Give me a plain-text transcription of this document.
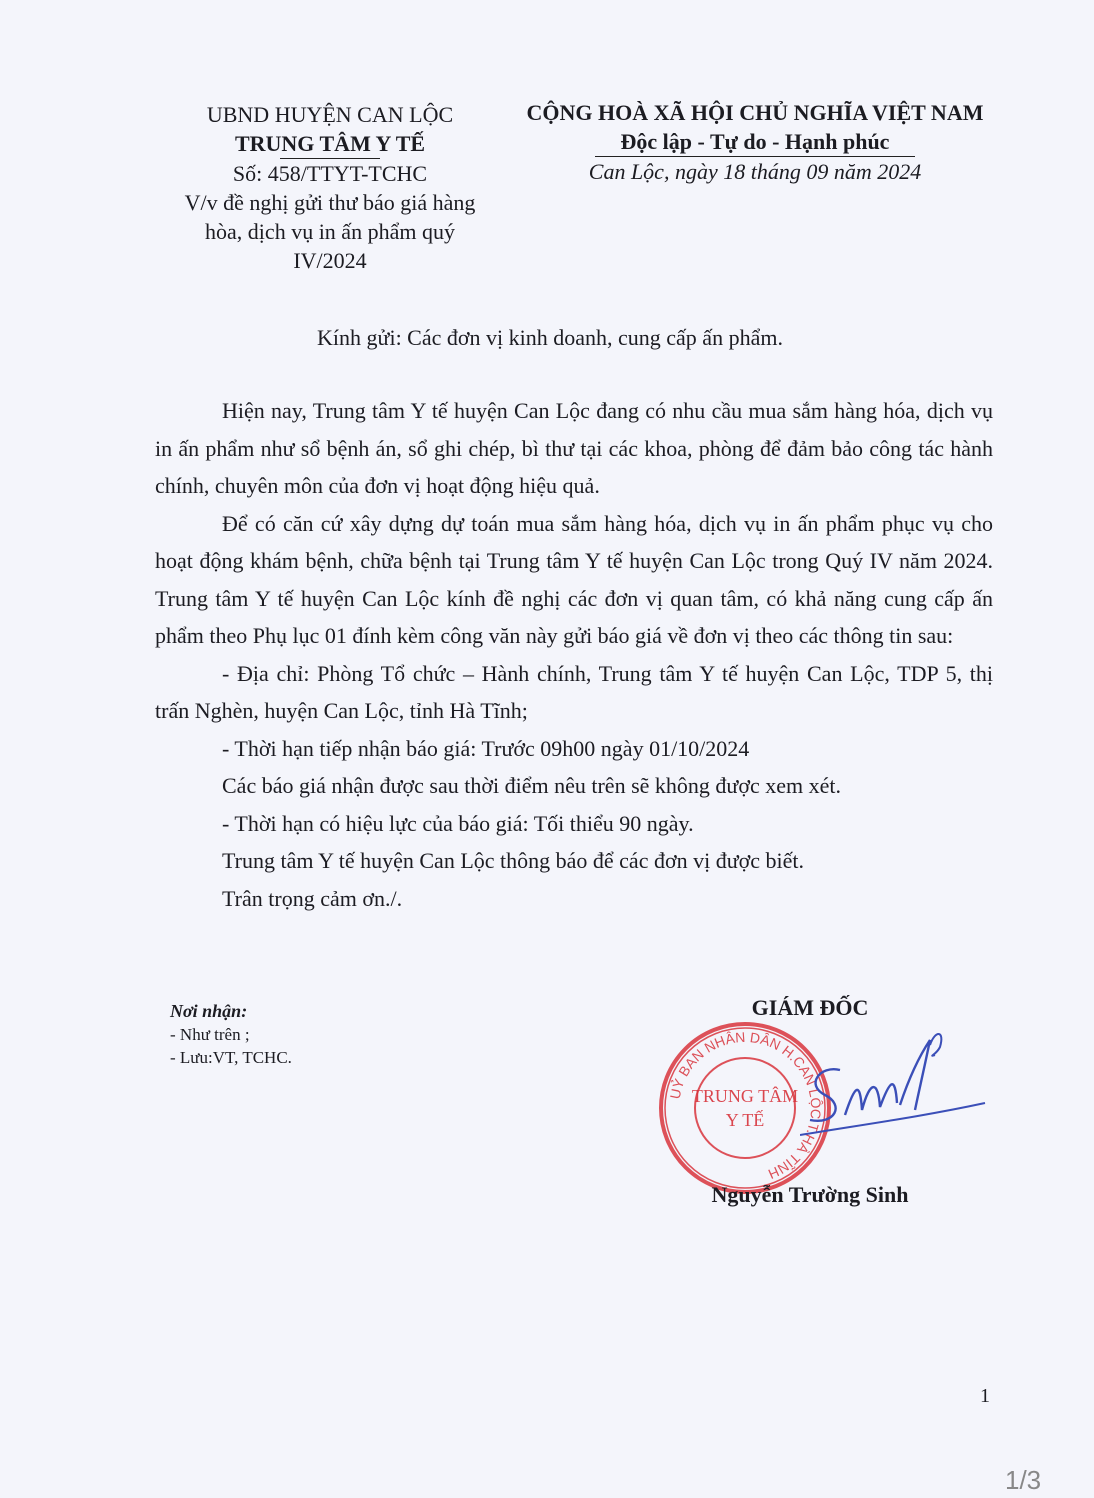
UBND HUYỆN CAN LỘC
TRUNG TÂM Y TẾ
Số: 458/TTYT-TCHC
V/v đề nghị gửi thư báo giá hàng
hòa, dịch vụ in ấn phẩm quý
IV/2024
CỘNG HOÀ XÃ HỘI CHỦ NGHĨA VIỆT NAM
Độc lập - Tự do - Hạnh phúc
Can Lộc, ngày 18 tháng 09 năm 2024
Kính gửi: Các đơn vị kinh doanh, cung cấp ấn phẩm.

Hiện nay, Trung tâm Y tế huyện Can Lộc đang có nhu cầu mua sắm hàng hóa, dịch vụ in ấn phẩm như sổ bệnh án, sổ ghi chép, bì thư tại các khoa, phòng để đảm bảo công tác hành chính, chuyên môn của đơn vị hoạt động hiệu quả.

Để có căn cứ xây dựng dự toán mua sắm hàng hóa, dịch vụ in ấn phẩm phục vụ cho hoạt động khám bệnh, chữa bệnh tại Trung tâm Y tế huyện Can Lộc trong Quý IV năm 2024. Trung tâm Y tế huyện Can Lộc kính đề nghị các đơn vị quan tâm, có khả năng cung cấp ấn phẩm theo Phụ lục 01 đính kèm công văn này gửi báo giá về đơn vị theo các thông tin sau:

- Địa chỉ: Phòng Tổ chức – Hành chính, Trung tâm Y tế huyện Can Lộc, TDP 5, thị trấn Nghèn, huyện Can Lộc, tỉnh Hà Tĩnh;

- Thời hạn tiếp nhận báo giá: Trước 09h00 ngày 01/10/2024

Các báo giá nhận được sau thời điểm nêu trên sẽ không được xem xét.

- Thời hạn có hiệu lực của báo giá: Tối thiểu 90 ngày.

Trung tâm Y tế huyện Can Lộc thông báo để các đơn vị được biết.

Trân trọng cảm ơn./.

Nơi nhận:
- Như trên ;
- Lưu:VT, TCHC.
GIÁM ĐỐC
UỶ BAN NHÂN DÂN H.CAN LỘC T.HÀ TĨNH
TRUNG TÂM
Y TẾ
Nguyễn Trường Sinh
1
1/3
